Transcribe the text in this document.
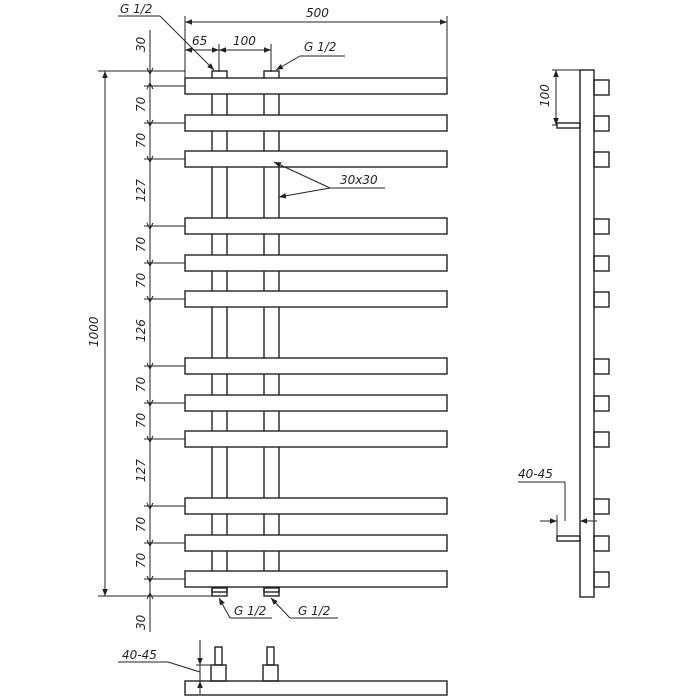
500
65 100
G 1/2
G 1/2
G 1/2	G 1/2
30x30
1000
30
70
70
127
70
70
126
70
70
127
70
70
30
100
40-45
40-45
